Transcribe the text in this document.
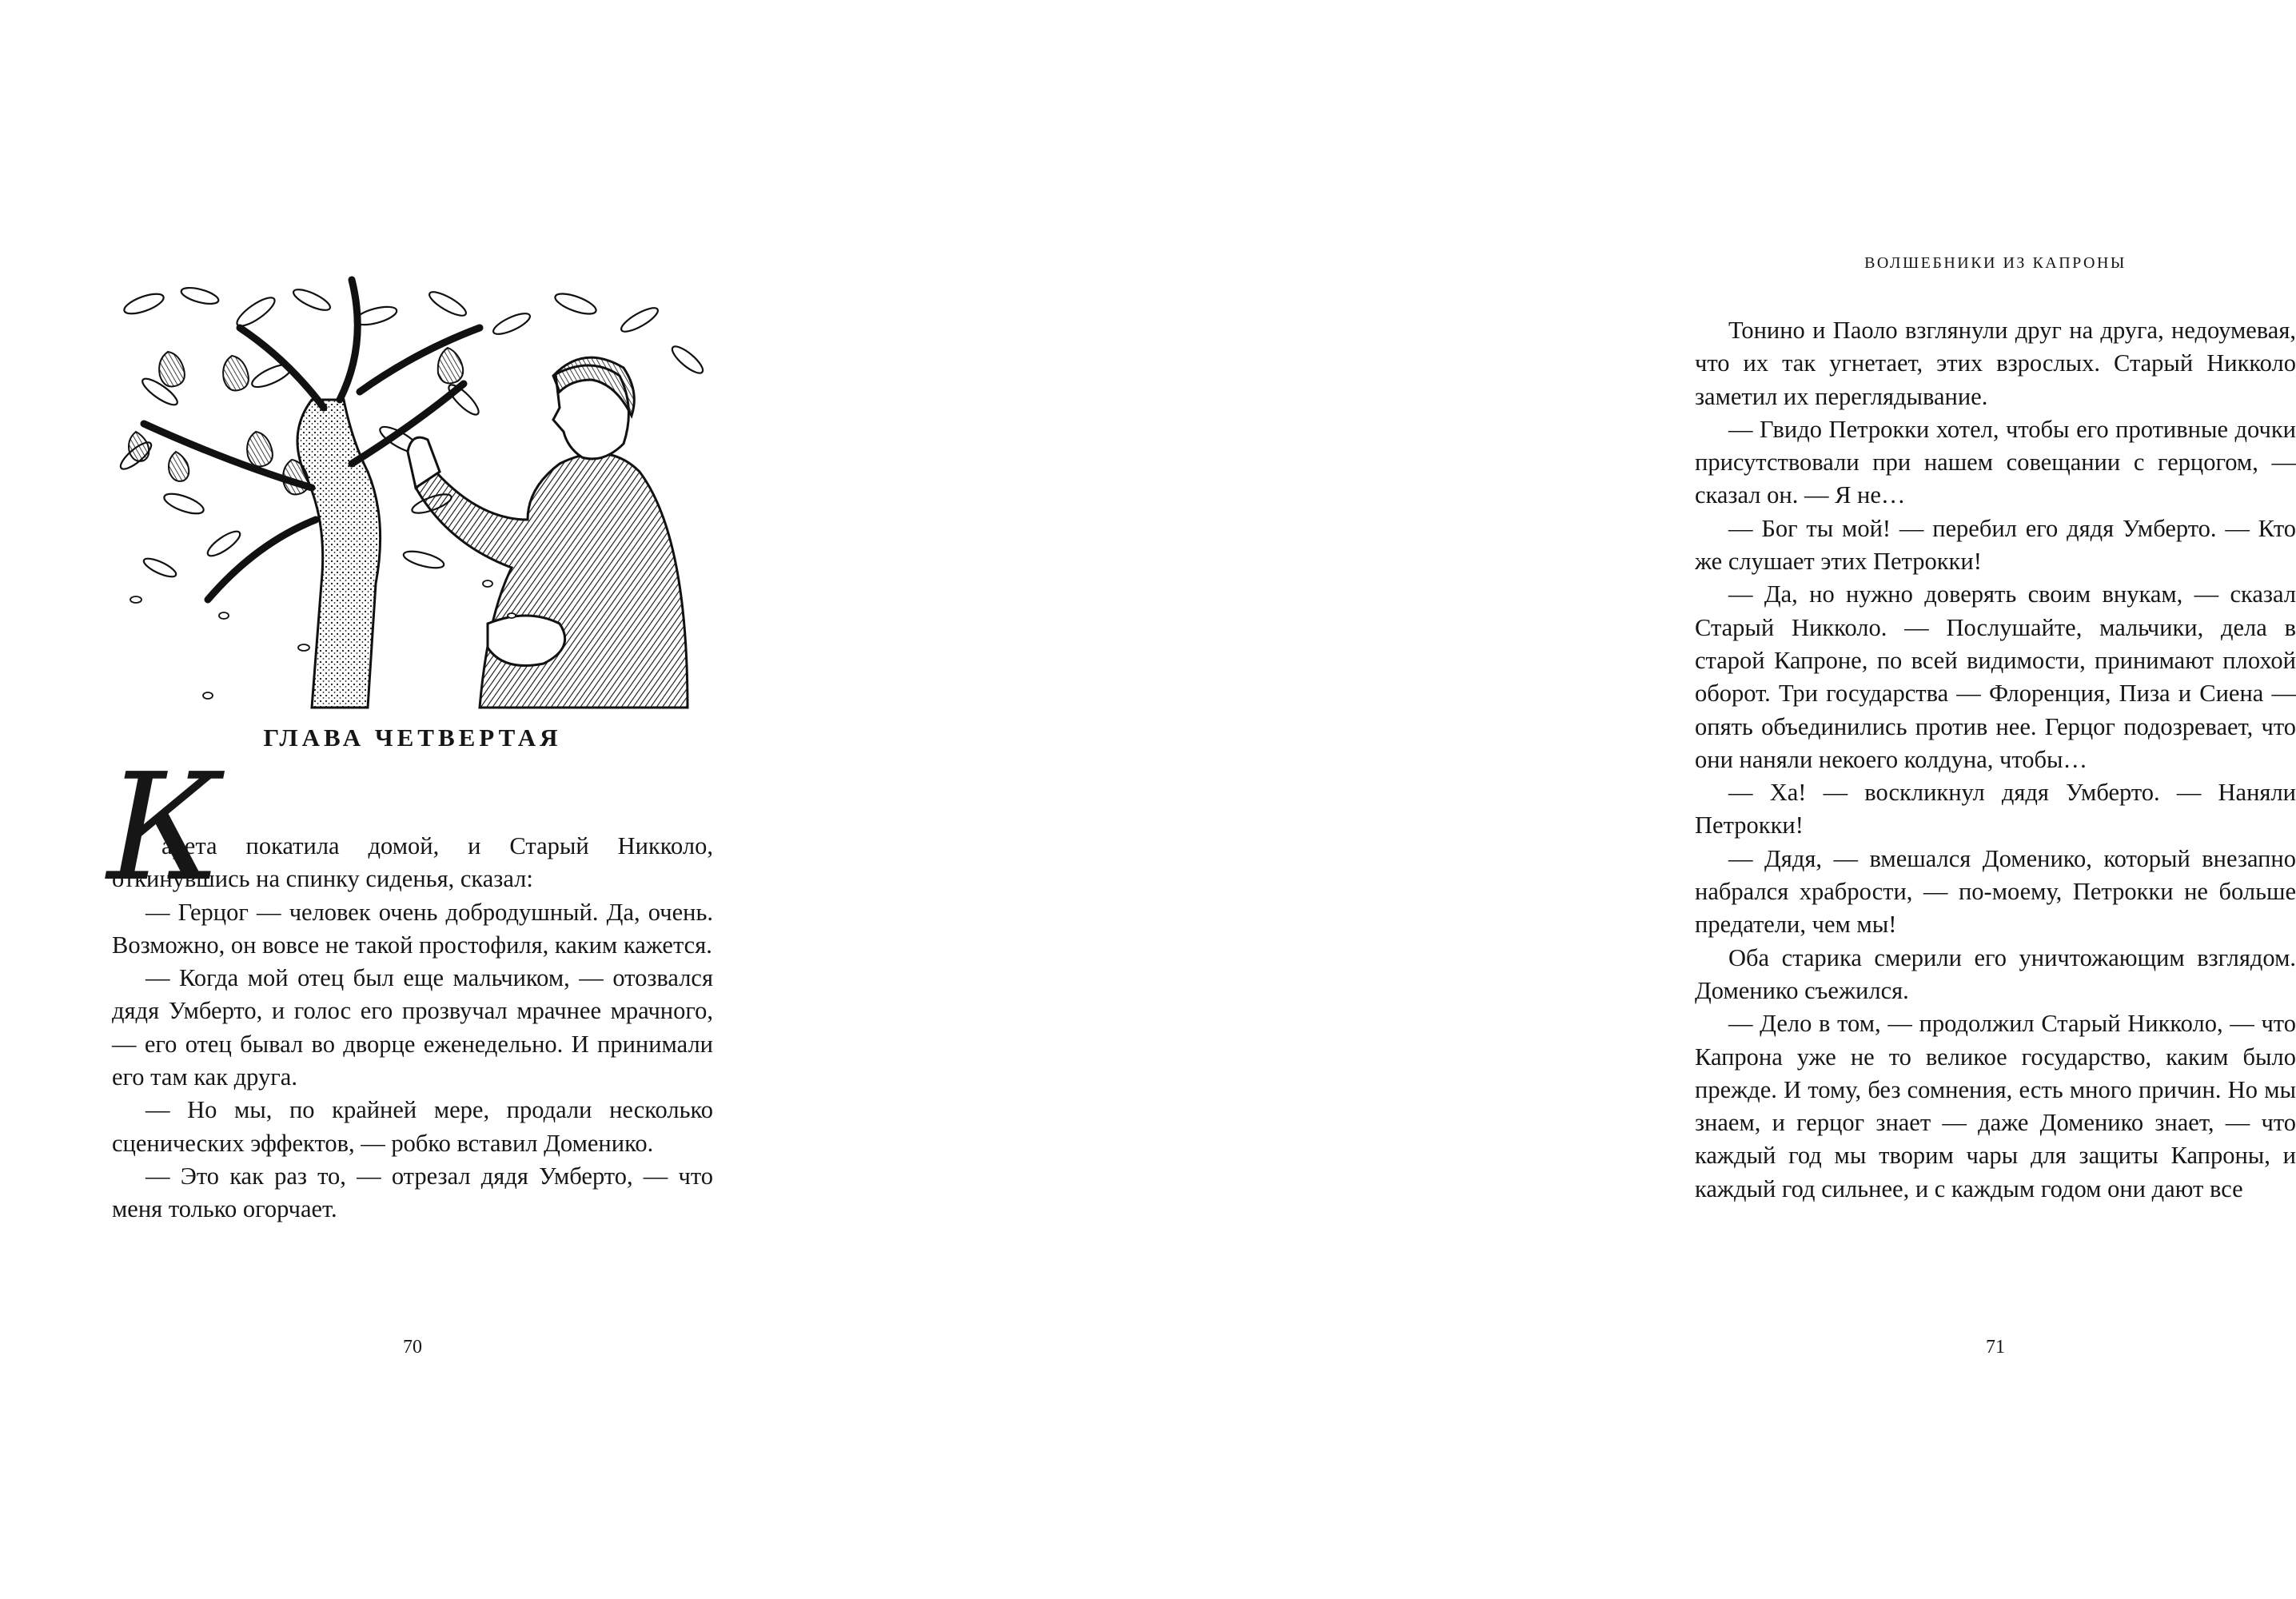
ГЛАВА ЧЕТВЕРТАЯ

К
арета покатила домой, и Старый Никколо, откинувшись на спинку сиденья, сказал:

— Герцог — человек очень добродушный. Да, очень. Возможно, он вовсе не такой простофиля, каким кажется.

— Когда мой отец был еще мальчиком, — отозвался дядя Умберто, и голос его прозвучал мрачнее мрачного, — его отец бывал во дворце еженедельно. И принимали его там как друга.

— Но мы, по крайней мере, продали несколько сценических эффектов, — робко вставил Доменико.

— Это как раз то, — отрезал дядя Умберто, — что меня только огорчает.

70

ВОЛШЕБНИКИ ИЗ КАПРОНЫ

Тонино и Паоло взглянули друг на друга, недоумевая, что их так угнетает, этих взрослых. Старый Никколо заметил их переглядывание.

— Гвидо Петрокки хотел, чтобы его противные дочки присутствовали при нашем совещании с герцогом, — сказал он. — Я не…

— Бог ты мой! — перебил его дядя Умберто. — Кто же слушает этих Петрокки!

— Да, но нужно доверять своим внукам, — сказал Старый Никколо. — Послушайте, мальчики, дела в старой Капроне, по всей видимости, принимают плохой оборот. Три государства — Флоренция, Пиза и Сиена — опять объединились против нее. Герцог подозревает, что они наняли некоего колдуна, чтобы…

— Ха! — воскликнул дядя Умберто. — Наняли Петрокки!

— Дядя, — вмешался Доменико, который внезапно набрался храбрости, — по-моему, Петрокки не больше предатели, чем мы!

Оба старика смерили его уничтожающим взглядом. Доменико съежился.

— Дело в том, — продолжил Старый Никколо, — что Капрона уже не то великое государство, каким было прежде. И тому, без сомнения, есть много причин. Но мы знаем, и герцог знает — даже Доменико знает, — что каждый год мы творим чары для защиты Капроны, и каждый год сильнее, и с каждым годом они дают все

71
